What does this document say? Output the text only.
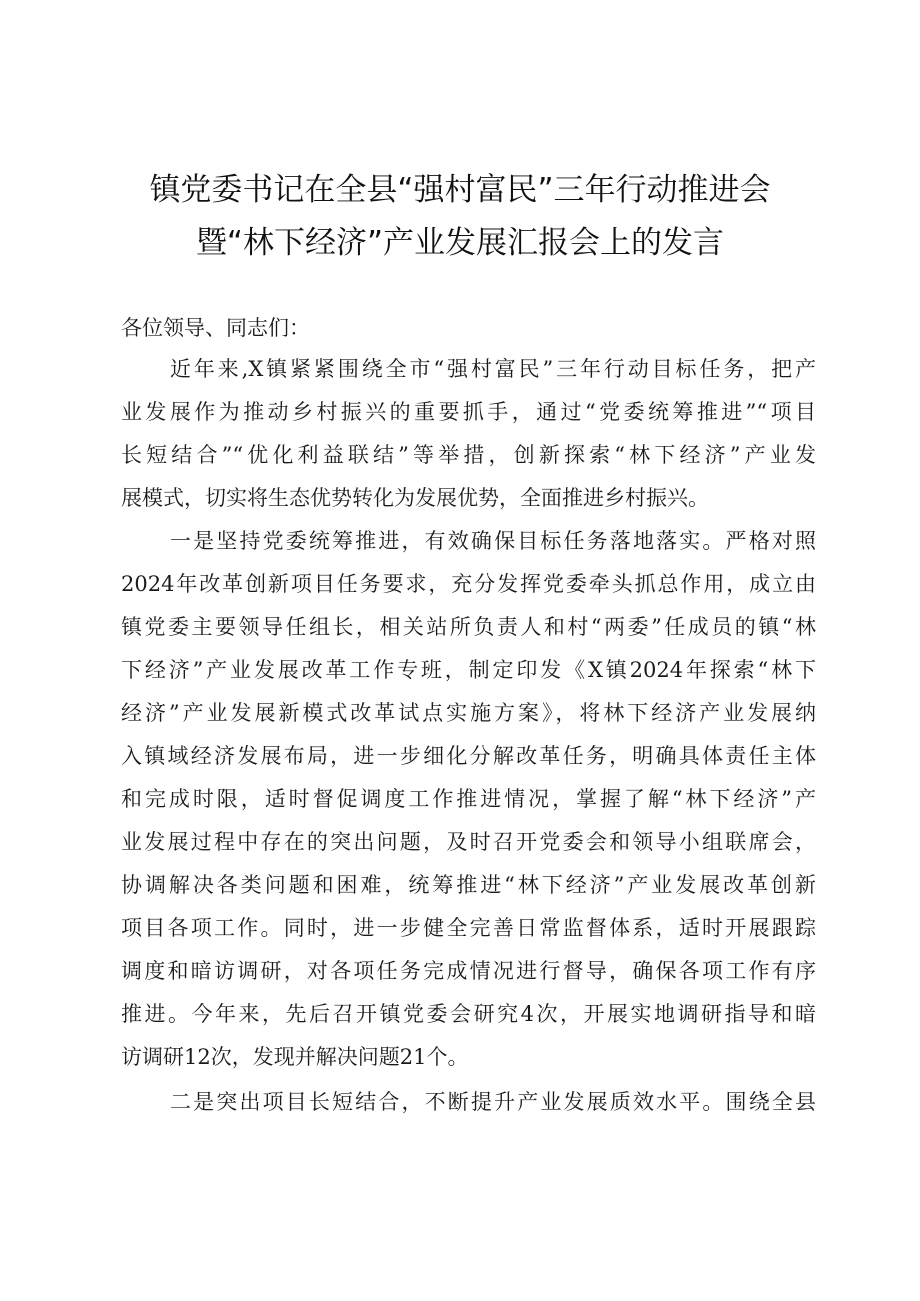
镇党委书记在全县“强村富民”三年行动推进会
暨“林下经济”产业发展汇报会上的发言

各位领导、同志们：

近年来,X镇紧紧围绕全市“强村富民”三年行动目标任务，把产

业发展作为推动乡村振兴的重要抓手，通过“党委统筹推进”“项目

长短结合”“优化利益联结”等举措，创新探索“林下经济”产业发

展模式，切实将生态优势转化为发展优势，全面推进乡村振兴。

一是坚持党委统筹推进，有效确保目标任务落地落实。严格对照

2024年改革创新项目任务要求，充分发挥党委牵头抓总作用，成立由

镇党委主要领导任组长，相关站所负责人和村“两委”任成员的镇“林

下经济”产业发展改革工作专班，制定印发《X镇2024年探索“林下

经济”产业发展新模式改革试点实施方案》，将林下经济产业发展纳

入镇域经济发展布局，进一步细化分解改革任务，明确具体责任主体

和完成时限，适时督促调度工作推进情况，掌握了解“林下经济”产

业发展过程中存在的突出问题，及时召开党委会和领导小组联席会，

协调解决各类问题和困难，统筹推进“林下经济”产业发展改革创新

项目各项工作。同时，进一步健全完善日常监督体系，适时开展跟踪

调度和暗访调研，对各项任务完成情况进行督导，确保各项工作有序

推进。今年来，先后召开镇党委会研究4次，开展实地调研指导和暗

访调研12次，发现并解决问题21个。

二是突出项目长短结合，不断提升产业发展质效水平。围绕全县
